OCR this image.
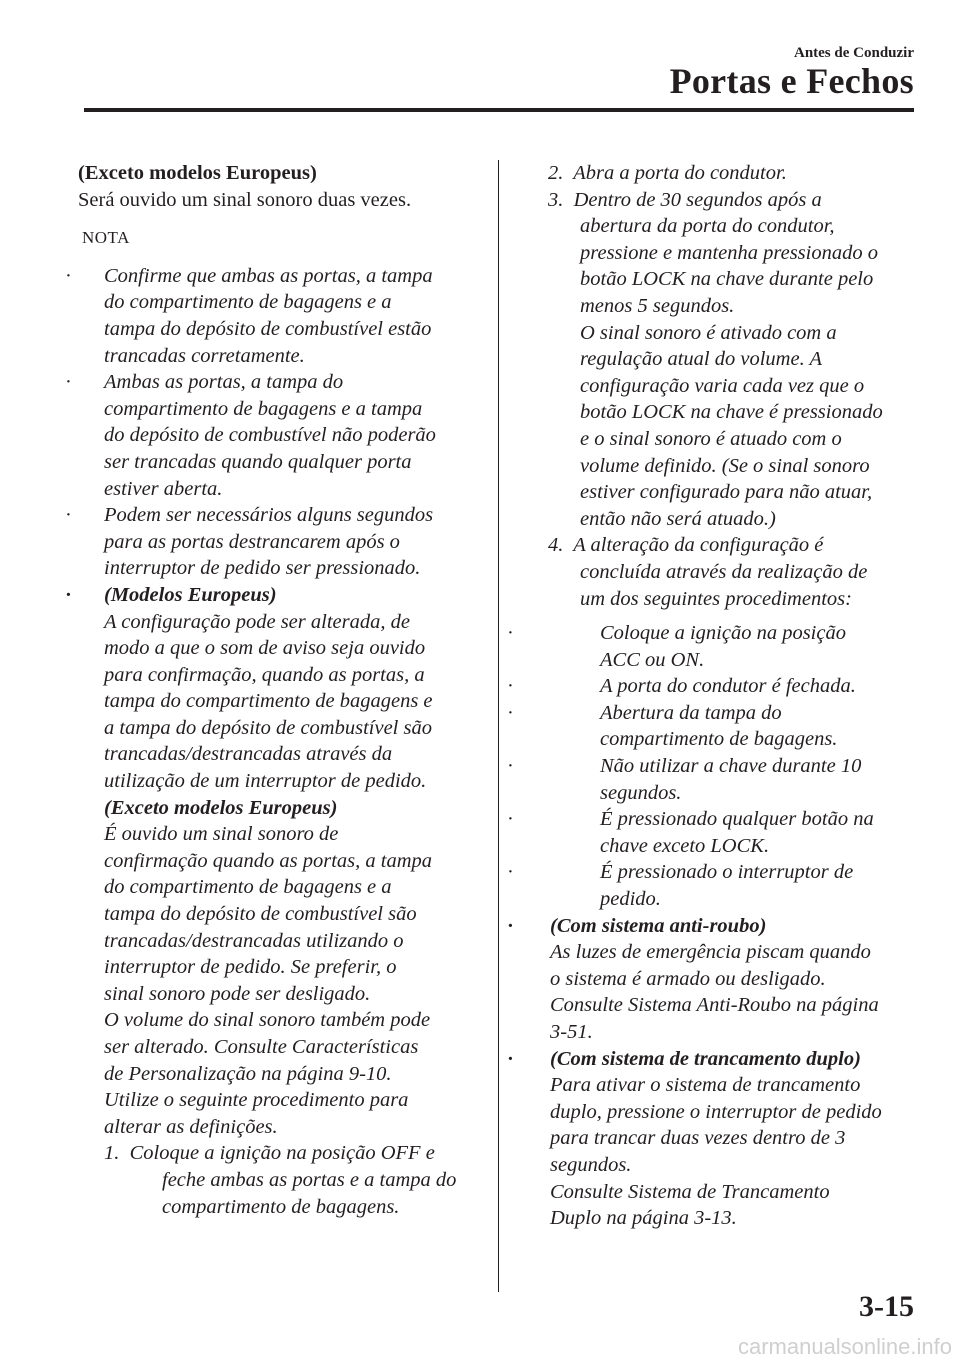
Antes de Conduzir
Portas e Fechos
(Exceto modelos Europeus)
Será ouvido um sinal sonoro duas vezes.
NOTA
· Confirme que ambas as portas, a tampa
do compartimento de bagagens e a
tampa do depósito de combustível estão
trancadas corretamente.
· Ambas as portas, a tampa do
compartimento de bagagens e a tampa
do depósito de combustível não poderão
ser trancadas quando qualquer porta
estiver aberta.
· Podem ser necessários alguns segundos
para as portas destrancarem após o
interruptor de pedido ser pressionado.
· (Modelos Europeus)
A configuração pode ser alterada, de
modo a que o som de aviso seja ouvido
para confirmação, quando as portas, a
tampa do compartimento de bagagens e
a tampa do depósito de combustível são
trancadas/destrancadas através da
utilização de um interruptor de pedido.
(Exceto modelos Europeus)
É ouvido um sinal sonoro de
confirmação quando as portas, a tampa
do compartimento de bagagens e a
tampa do depósito de combustível são
trancadas/destrancadas utilizando o
interruptor de pedido. Se preferir, o
sinal sonoro pode ser desligado.
O volume do sinal sonoro também pode
ser alterado. Consulte Características
de Personalização na página 9-10.
Utilize o seguinte procedimento para
alterar as definições.
1. Coloque a ignição na posição OFF e
feche ambas as portas e a tampa do
compartimento de bagagens.
2. Abra a porta do condutor.
3. Dentro de 30 segundos após a
abertura da porta do condutor,
pressione e mantenha pressionado o
botão LOCK na chave durante pelo
menos 5 segundos.
O sinal sonoro é ativado com a
regulação atual do volume. A
configuração varia cada vez que o
botão LOCK na chave é pressionado
e o sinal sonoro é atuado com o
volume definido. (Se o sinal sonoro
estiver configurado para não atuar,
então não será atuado.)
4. A alteração da configuração é
concluída através da realização de
um dos seguintes procedimentos:
· Coloque a ignição na posição
ACC ou ON.
· A porta do condutor é fechada.
· Abertura da tampa do
compartimento de bagagens.
· Não utilizar a chave durante 10
segundos.
· É pressionado qualquer botão na
chave exceto LOCK.
· É pressionado o interruptor de
pedido.
· (Com sistema anti-roubo)
As luzes de emergência piscam quando
o sistema é armado ou desligado.
Consulte Sistema Anti-Roubo na página
3-51.
· (Com sistema de trancamento duplo)
Para ativar o sistema de trancamento
duplo, pressione o interruptor de pedido
para trancar duas vezes dentro de 3
segundos.
Consulte Sistema de Trancamento
Duplo na página 3-13.
3-15
carmanualsonline.info
